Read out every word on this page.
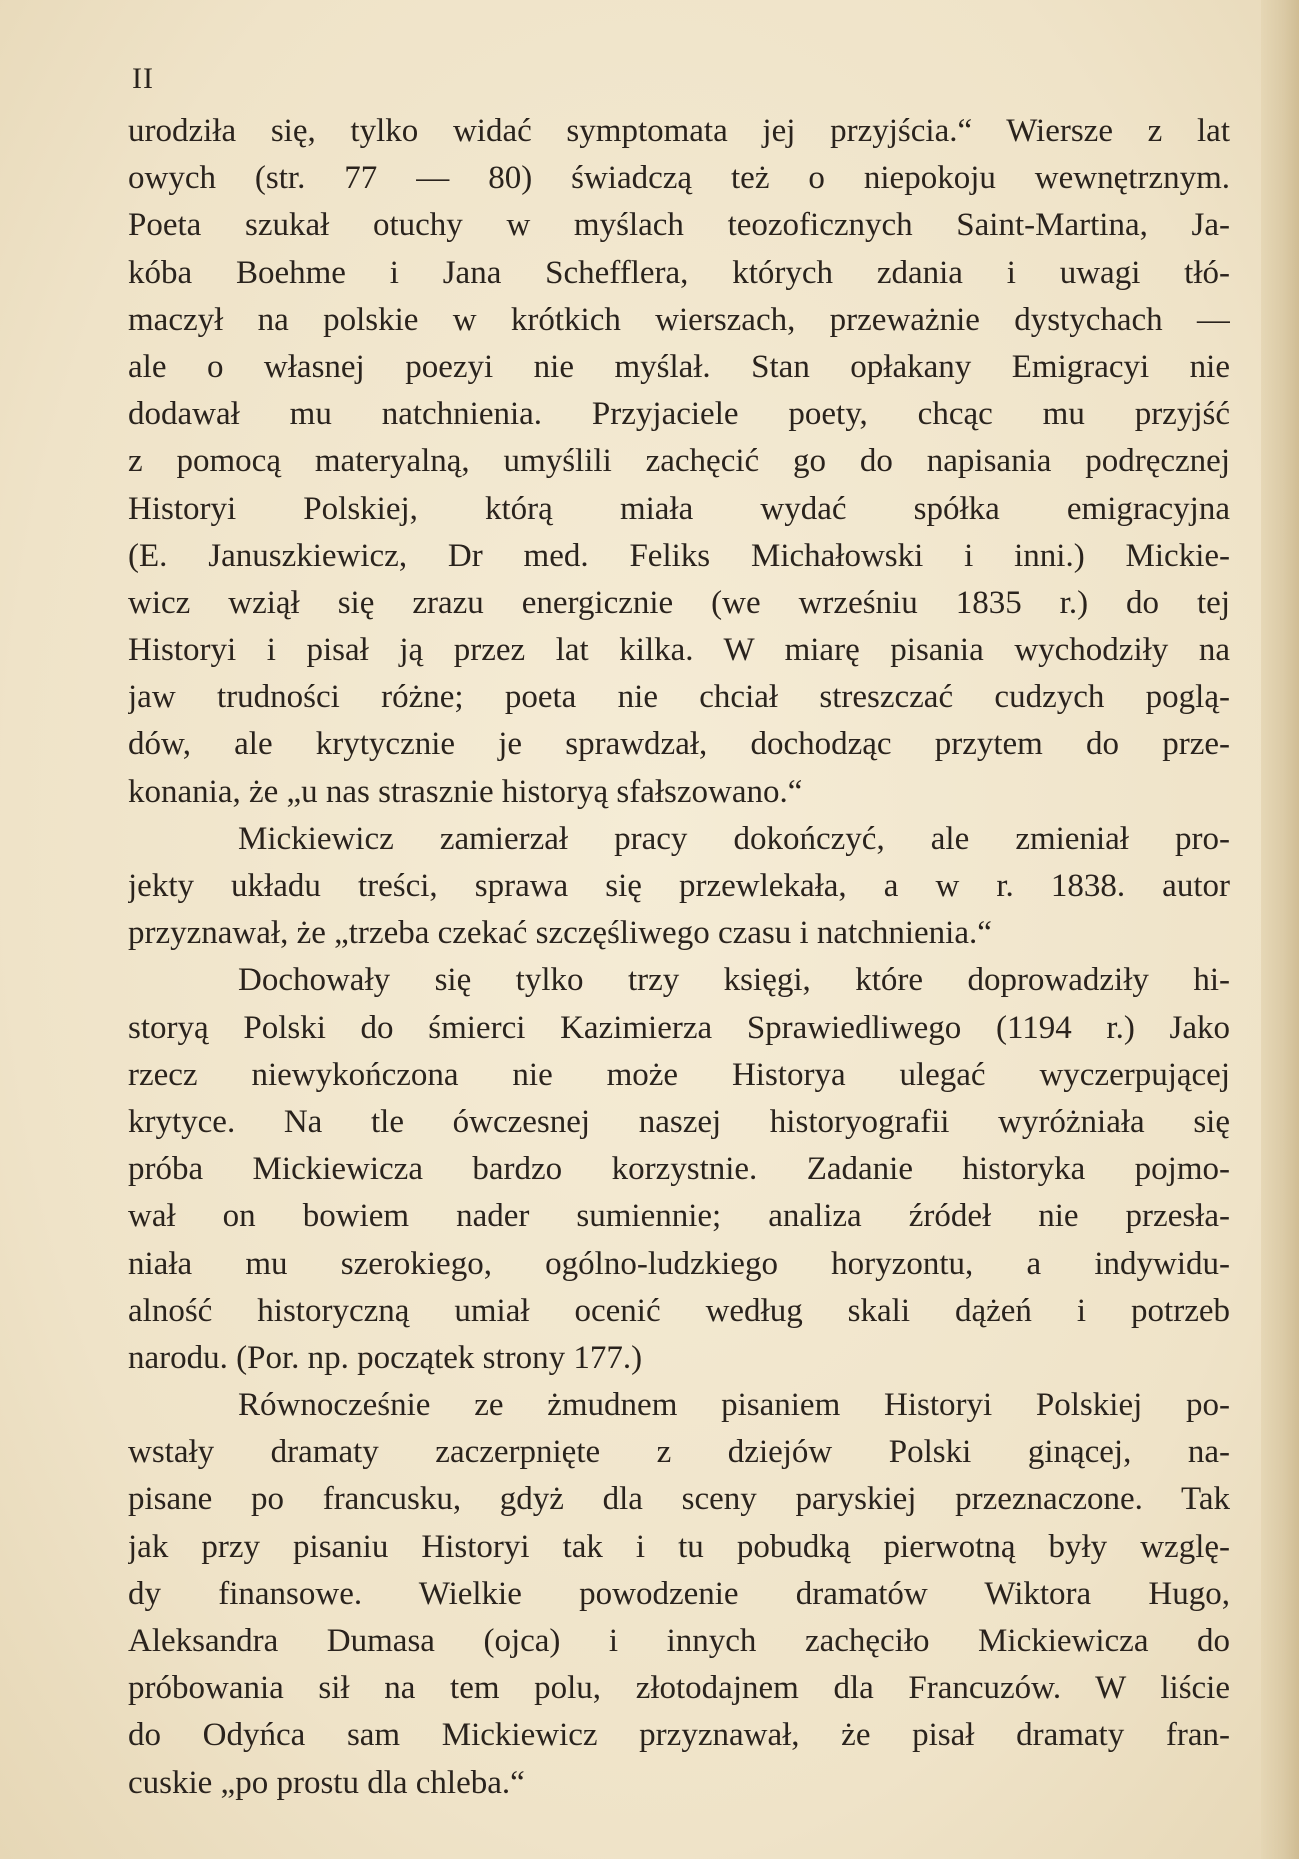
II
urodziła się, tylko widać symptomata jej przyjścia.“ Wiersze z lat
owych (str. 77 — 80) świadczą też o niepokoju wewnętrznym.
Poeta szukał otuchy w myślach teozoficznych Saint-Martina, Ja-
kóba Boehme i Jana Schefflera, których zdania i uwagi tłó-
maczył na polskie w krótkich wierszach, przeważnie dystychach —
ale o własnej poezyi nie myślał. Stan opłakany Emigracyi nie
dodawał mu natchnienia. Przyjaciele poety, chcąc mu przyjść
z pomocą materyalną, umyślili zachęcić go do napisania podręcznej
Historyi Polskiej, którą miała wydać spółka emigracyjna
(E. Januszkiewicz, Dr med. Feliks Michałowski i inni.) Mickie-
wicz wziął się zrazu energicznie (we wrześniu 1835 r.) do tej
Historyi i pisał ją przez lat kilka. W miarę pisania wychodziły na
jaw trudności różne; poeta nie chciał streszczać cudzych poglą-
dów, ale krytycznie je sprawdzał, dochodząc przytem do prze-
konania, że „u nas strasznie historyą sfałszowano.“
Mickiewicz zamierzał pracy dokończyć, ale zmieniał pro-
jekty układu treści, sprawa się przewlekała, a w r. 1838. autor
przyznawał, że „trzeba czekać szczęśliwego czasu i natchnienia.“
Dochowały się tylko trzy księgi, które doprowadziły hi-
storyą Polski do śmierci Kazimierza Sprawiedliwego (1194 r.) Jako
rzecz niewykończona nie może Historya ulegać wyczerpującej
krytyce. Na tle ówczesnej naszej historyografii wyróżniała się
próba Mickiewicza bardzo korzystnie. Zadanie historyka pojmo-
wał on bowiem nader sumiennie; analiza źródeł nie przesła-
niała mu szerokiego, ogólno-ludzkiego horyzontu, a indywidu-
alność historyczną umiał ocenić według skali dążeń i potrzeb
narodu. (Por. np. początek strony 177.)
Równocześnie ze żmudnem pisaniem Historyi Polskiej po-
wstały dramaty zaczerpnięte z dziejów Polski ginącej, na-
pisane po francusku, gdyż dla sceny paryskiej przeznaczone. Tak
jak przy pisaniu Historyi tak i tu pobudką pierwotną były wzglę-
dy finansowe. Wielkie powodzenie dramatów Wiktora Hugo,
Aleksandra Dumasa (ojca) i innych zachęciło Mickiewicza do
próbowania sił na tem polu, złotodajnem dla Francuzów. W liście
do Odyńca sam Mickiewicz przyznawał, że pisał dramaty fran-
cuskie „po prostu dla chleba.“
